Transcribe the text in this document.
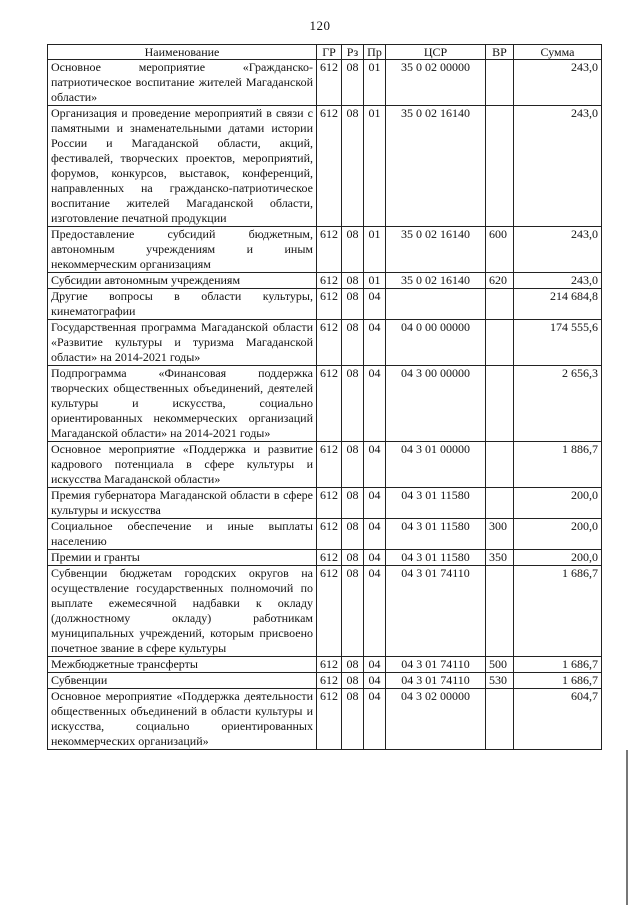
120
Наименование	ГР	Рз	Пр	ЦСР	ВР	Сумма
Основное мероприятие «Гражданско-патриотическое воспитание жителей Магаданской области»	612	08	01	35 0 02 00000		243,0
Организация и проведение мероприятий в связи с памятными и знаменательными датами истории России и Магаданской области, акций, фестивалей, творческих проектов, мероприятий, форумов, конкурсов, выставок, конференций, направленных на гражданско-патриотическое воспитание жителей Магаданской области, изготовление печатной продукции	612	08	01	35 0 02 16140		243,0
Предоставление субсидий бюджетным, автономным учреждениям и иным некоммерческим организациям	612	08	01	35 0 02 16140	600	243,0
Субсидии автономным учреждениям	612	08	01	35 0 02 16140	620	243,0
Другие вопросы в области культуры, кинематографии	612	08	04			214 684,8
Государственная программа Магаданской области «Развитие культуры и туризма Магаданской области» на 2014-2021 годы»	612	08	04	04 0 00 00000		174 555,6
Подпрограмма «Финансовая поддержка творческих общественных объединений, деятелей культуры и искусства, социально ориентированных некоммерческих организаций Магаданской области» на 2014-2021 годы»	612	08	04	04 3 00 00000		2 656,3
Основное мероприятие «Поддержка и развитие кадрового потенциала в сфере культуры и искусства Магаданской области»	612	08	04	04 3 01 00000		1 886,7
Премия губернатора Магаданской области в сфере культуры и искусства	612	08	04	04 3 01 11580		200,0
Социальное обеспечение и иные выплаты населению	612	08	04	04 3 01 11580	300	200,0
Премии и гранты	612	08	04	04 3 01 11580	350	200,0
Субвенции бюджетам городских округов на осуществление государственных полномочий по выплате ежемесячной надбавки к окладу (должностному окладу) работникам муниципальных учреждений, которым присвоено почетное звание в сфере культуры	612	08	04	04 3 01 74110		1 686,7
Межбюджетные трансферты	612	08	04	04 3 01 74110	500	1 686,7
Субвенции	612	08	04	04 3 01 74110	530	1 686,7
Основное мероприятие «Поддержка деятельности общественных объединений в области культуры и искусства, социально ориентированных некоммерческих организаций»	612	08	04	04 3 02 00000		604,7
